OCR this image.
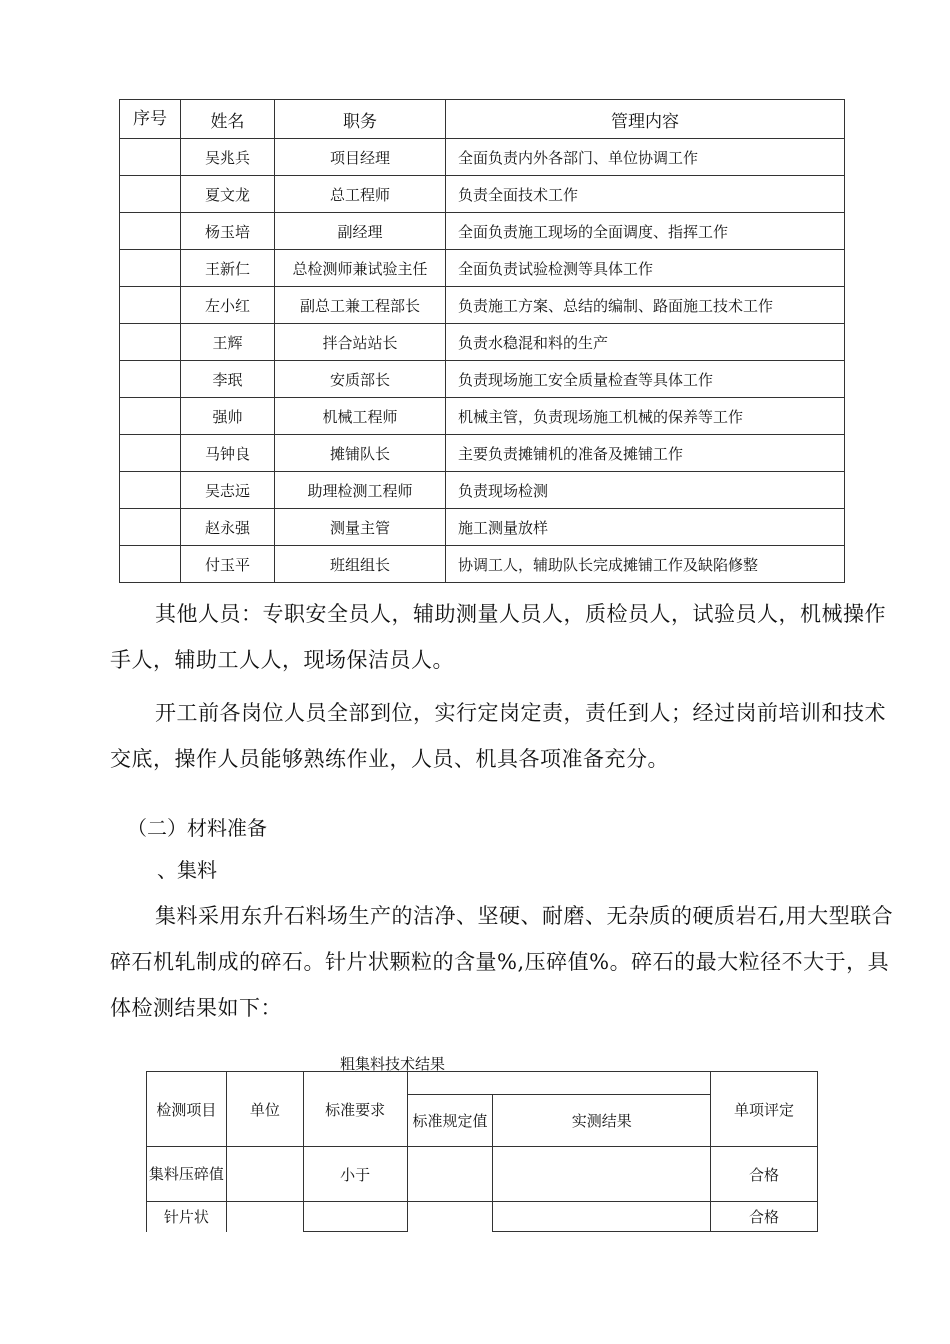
序号	姓名	职务	管理内容
	吴兆兵	项目经理	全面负责内外各部门、单位协调工作
	夏文龙	总工程师	负责全面技术工作
	杨玉培	副经理	全面负责施工现场的全面调度、指挥工作
	王新仁	总检测师兼试验主任	全面负责试验检测等具体工作
	左小红	副总工兼工程部长	负责施工方案、总结的编制、路面施工技术工作
	王辉	拌合站站长	负责水稳混和料的生产
	李珉	安质部长	负责现场施工安全质量检查等具体工作
	强帅	机械工程师	机械主管，负责现场施工机械的保养等工作
	马钟良	摊铺队长	主要负责摊铺机的准备及摊铺工作
	吴志远	助理检测工程师	负责现场检测
	赵永强	测量主管	施工测量放样
	付玉平	班组组长	协调工人，辅助队长完成摊铺工作及缺陷修整

其他人员：专职安全员人，辅助测量人员人，质检员人，试验员人，机械操作手人，辅助工人人，现场保洁员人。

开工前各岗位人员全部到位，实行定岗定责，责任到人；经过岗前培训和技术交底，操作人员能够熟练作业，人员、机具各项准备充分。

（二）材料准备

、集料

集料采用东升石料场生产的洁净、坚硬、耐磨、无杂质的硬质岩石,用大型联合碎石机轧制成的碎石。针片状颗粒的含量%,压碎值%。碎石的最大粒径不大于，具体检测结果如下：

粗集料技术结果
检测项目	单位	标准要求			单项评定
			标准规定值	实测结果	
集料压碎值		小于			合格
针片状					合格
